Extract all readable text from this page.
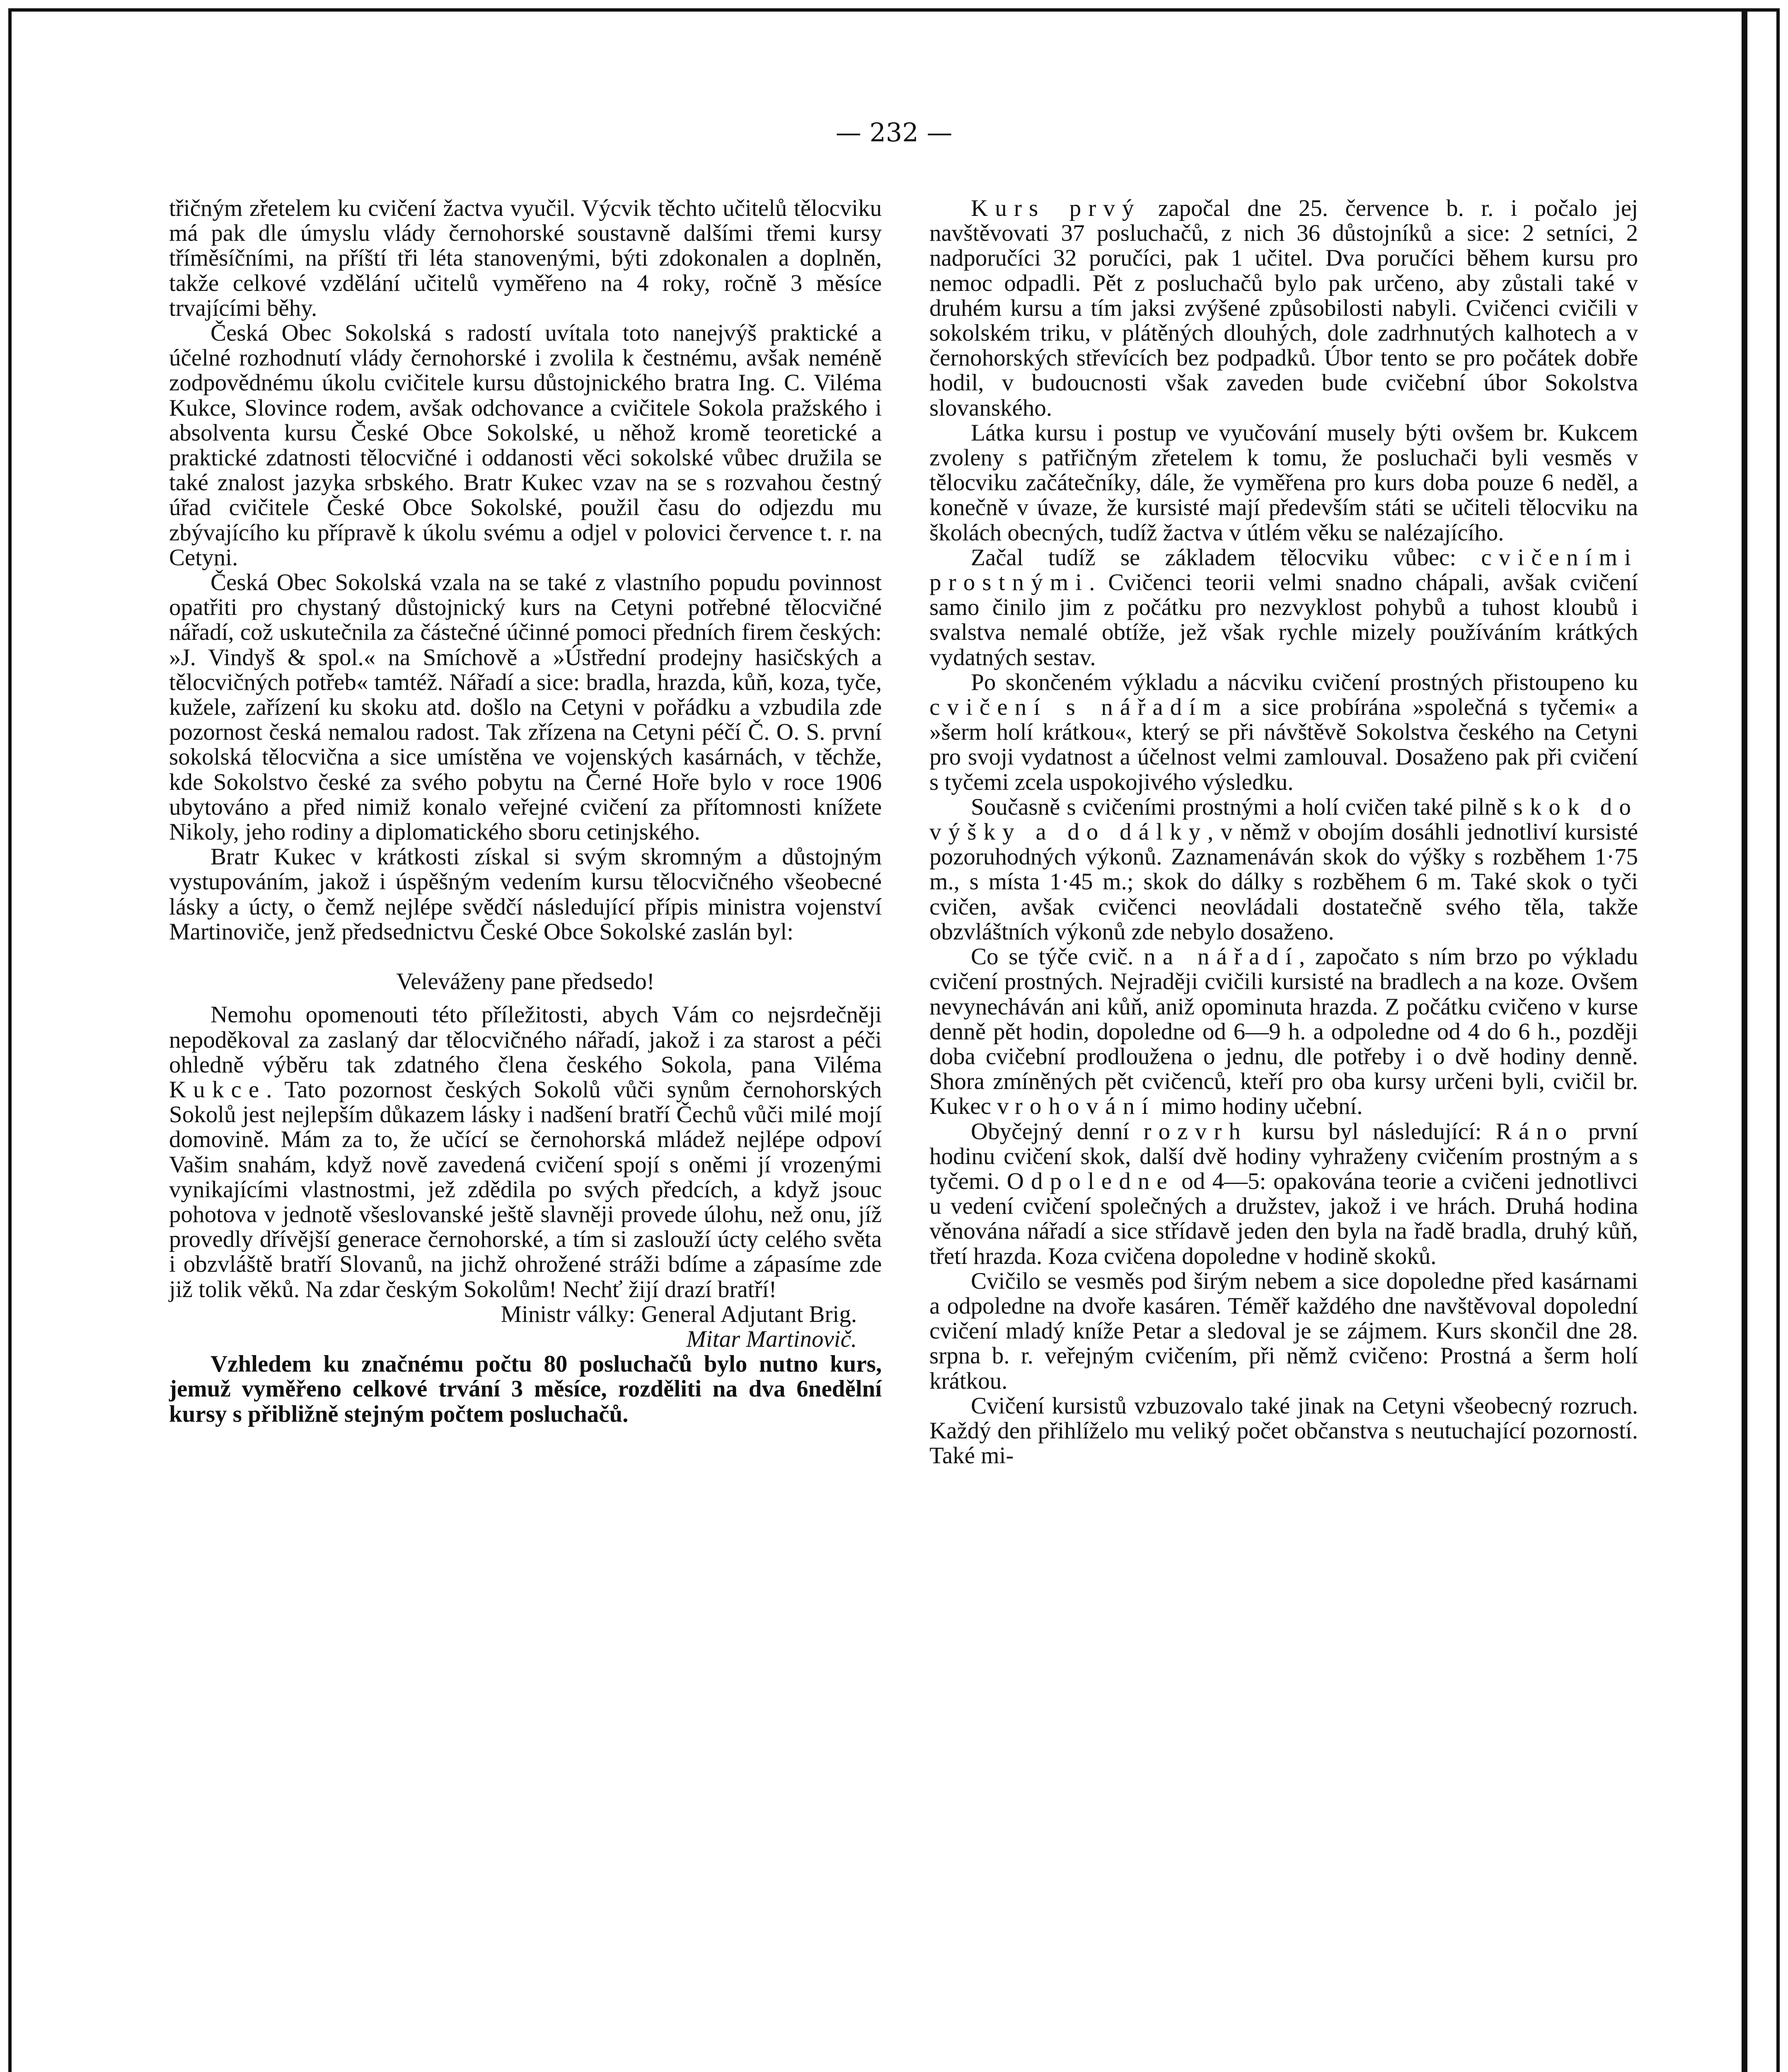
— 232 —

třičným zřetelem ku cvičení žactva vyučil. Výcvik těchto učitelů tělocviku má pak dle úmyslu vlády černohorské soustavně dalšími třemi kursy tříměsíčními, na příští tři léta stanovenými, býti zdokonalen a doplněn, takže celkové vzdělání učitelů vyměřeno na 4 roky, ročně 3 měsíce trvajícími běhy.

Česká Obec Sokolská s radostí uvítala toto nanejvýš praktické a účelné rozhodnutí vlády černohorské i zvolila k čestnému, avšak neméně zodpovědnému úkolu cvičitele kursu důstojnického bratra Ing. C. Viléma Kukce, Slovince rodem, avšak odchovance a cvičitele Sokola pražského i absolventa kursu České Obce Sokolské, u něhož kromě teoretické a praktické zdatnosti tělocvičné i oddanosti věci sokolské vůbec družila se také znalost jazyka srbského. Bratr Kukec vzav na se s rozvahou čestný úřad cvičitele České Obce Sokolské, použil času do odjezdu mu zbývajícího ku přípravě k úkolu svému a odjel v polovici července t. r. na Cetyni.

Česká Obec Sokolská vzala na se také z vlastního popudu povinnost opatřiti pro chystaný důstojnický kurs na Cetyni potřebné tělocvičné nářadí, což uskutečnila za částečné účinné pomoci předních firem českých: »J. Vindyš & spol.« na Smíchově a »Ústřední prodejny hasičských a tělocvičných potřeb« tamtéž. Nářadí a sice: bradla, hrazda, kůň, koza, tyče, kužele, zařízení ku skoku atd. došlo na Cetyni v pořádku a vzbudila zde pozornost česká nemalou radost. Tak zřízena na Cetyni péčí Č. O. S. první sokolská tělocvična a sice umístěna ve vojenských kasárnách, v těchže, kde Sokolstvo české za svého pobytu na Černé Hoře bylo v roce 1906 ubytováno a před nimiž konalo veřejné cvičení za přítomnosti knížete Nikoly, jeho rodiny a diplomatického sboru cetinjského.

Bratr Kukec v krátkosti získal si svým skromným a důstojným vystupováním, jakož i úspěšným vedením kursu tělocvičného všeobecné lásky a úcty, o čemž nejlépe svědčí následující přípis ministra vojenství Martinoviče, jenž předsednictvu České Obce Sokolské zaslán byl:

Veleváženy pane předsedo!

Nemohu opomenouti této příležitosti, abych Vám co nejsrdečněji nepoděkoval za zaslaný dar tělocvičného nářadí, jakož i za starost a péči ohledně výběru tak zdatného člena českého Sokola, pana Viléma Kukce. Tato pozornost českých Sokolů vůči synům černohorských Sokolů jest nejlepším důkazem lásky i nadšení bratří Čechů vůči milé mojí domovině. Mám za to, že učící se černohorská mládež nejlépe odpoví Vašim snahám, když nově zavedená cvičení spojí s oněmi jí vrozenými vynikajícími vlastnostmi, jež zdědila po svých předcích, a když jsouc pohotova v jednotě všeslovanské ještě slavněji provede úlohu, než onu, jíž provedly dřívější generace černohorské, a tím si zaslouží úcty celého světa i obzvláště bratří Slovanů, na jichž ohrožené stráži bdíme a zápasíme zde již tolik věků. Na zdar českým Sokolům! Nechť žijí drazí bratří!

Ministr války: General Adjutant Brig.

Mitar Martinovič.

Vzhledem ku značnému počtu 80 posluchačů bylo nutno kurs, jemuž vyměřeno celkové trvání 3 měsíce, rozděliti na dva 6nedělní kursy s přibližně stejným počtem posluchačů.

Kurs prvý započal dne 25. července b. r. i počalo jej navštěvovati 37 posluchačů, z nich 36 důstojníků a sice: 2 setníci, 2 nadporučíci 32 poručíci, pak 1 učitel. Dva poručíci během kursu pro nemoc odpadli. Pět z posluchačů bylo pak určeno, aby zůstali také v druhém kursu a tím jaksi zvýšené způsobilosti nabyli. Cvičenci cvičili v sokolském triku, v plátěných dlouhých, dole zadrhnutých kalhotech a v černohorských střevících bez podpadků. Úbor tento se pro počátek dobře hodil, v budoucnosti však zaveden bude cvičební úbor Sokolstva slovanského.

Látka kursu i postup ve vyučování musely býti ovšem br. Kukcem zvoleny s patřičným zřetelem k tomu, že posluchači byli vesměs v tělocviku začátečníky, dále, že vyměřena pro kurs doba pouze 6 neděl, a konečně v úvaze, že kursisté mají především státi se učiteli tělocviku na školách obecných, tudíž žactva v útlém věku se nalézajícího.

Začal tudíž se základem tělocviku vůbec: cvičeními prostnými. Cvičenci teorii velmi snadno chápali, avšak cvičení samo činilo jim z počátku pro nezvyklost pohybů a tuhost kloubů i svalstva nemalé obtíže, jež však rychle mizely používáním krátkých vydatných sestav.

Po skončeném výkladu a nácviku cvičení prostných přistoupeno ku cvičení s nářadím a sice probírána »společná s tyčemi« a »šerm holí krátkou«, který se při návštěvě Sokolstva českého na Cetyni pro svoji vydatnost a účelnost velmi zamlouval. Dosaženo pak při cvičení s tyčemi zcela uspokojivého výsledku.

Současně s cvičeními prostnými a holí cvičen také pilně skok do výšky a do dálky, v němž v obojím dosáhli jednotliví kursisté pozoruhodných výkonů. Zaznamenáván skok do výšky s rozběhem 1·75 m., s místa 1·45 m.; skok do dálky s rozběhem 6 m. Také skok o tyči cvičen, avšak cvičenci neovládali dostatečně svého těla, takže obzvláštních výkonů zde nebylo dosaženo.

Co se týče cvič. na nářadí, započato s ním brzo po výkladu cvičení prostných. Nejraději cvičili kursisté na bradlech a na koze. Ovšem nevynecháván ani kůň, aniž opominuta hrazda. Z počátku cvičeno v kurse denně pět hodin, dopoledne od 6—9 h. a odpoledne od 4 do 6 h., později doba cvičební prodloužena o jednu, dle potřeby i o dvě hodiny denně. Shora zmíněných pět cvičenců, kteří pro oba kursy určeni byli, cvičil br. Kukec v rohování mimo hodiny učební.

Obyčejný denní rozvrh kursu byl následující: Ráno první hodinu cvičení skok, další dvě hodiny vyhraženy cvičením prostným a s tyčemi. Odpoledne od 4—5: opakována teorie a cvičeni jednotlivci u vedení cvičení společných a družstev, jakož i ve hrách. Druhá hodina věnována nářadí a sice střídavě jeden den byla na řadě bradla, druhý kůň, třetí hrazda. Koza cvičena dopoledne v hodině skoků.

Cvičilo se vesměs pod širým nebem a sice dopoledne před kasárnami a odpoledne na dvoře kasáren. Téměř každého dne navštěvoval dopolední cvičení mladý kníže Petar a sledoval je se zájmem. Kurs skončil dne 28. srpna b. r. veřejným cvičením, při němž cvičeno: Prostná a šerm holí krátkou.

Cvičení kursistů vzbuzovalo také jinak na Cetyni všeobecný rozruch. Každý den přihlíželo mu veliký počet občanstva s neutuchající pozorností. Také mi-
